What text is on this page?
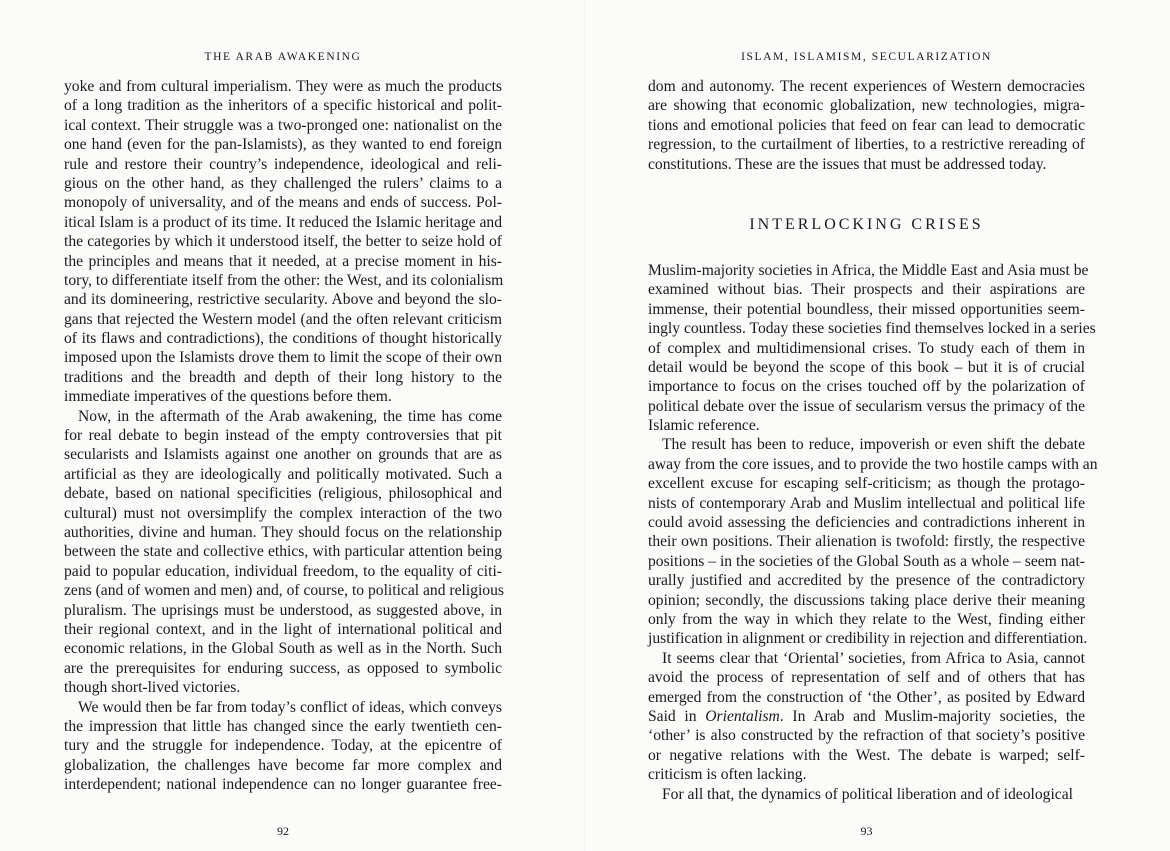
THE ARAB AWAKENING
yoke and from cultural imperialism. They were as much the products
of a long tradition as the inheritors of a specific historical and polit-
ical context. Their struggle was a two-pronged one: nationalist on the
one hand (even for the pan-Islamists), as they wanted to end foreign
rule and restore their country’s independence, ideological and reli-
gious on the other hand, as they challenged the rulers’ claims to a
monopoly of universality, and of the means and ends of success. Pol-
itical Islam is a product of its time. It reduced the Islamic heritage and
the categories by which it understood itself, the better to seize hold of
the principles and means that it needed, at a precise moment in his-
tory, to differentiate itself from the other: the West, and its colonialism
and its domineering, restrictive secularity. Above and beyond the slo-
gans that rejected the Western model (and the often relevant criticism
of its flaws and contradictions), the conditions of thought historically
imposed upon the Islamists drove them to limit the scope of their own
traditions and the breadth and depth of their long history to the
immediate imperatives of the questions before them.
Now, in the aftermath of the Arab awakening, the time has come
for real debate to begin instead of the empty controversies that pit
secularists and Islamists against one another on grounds that are as
artificial as they are ideologically and politically motivated. Such a
debate, based on national specificities (religious, philosophical and
cultural) must not oversimplify the complex interaction of the two
authorities, divine and human. They should focus on the relationship
between the state and collective ethics, with particular attention being
paid to popular education, individual freedom, to the equality of citi-
zens (and of women and men) and, of course, to political and religious
pluralism. The uprisings must be understood, as suggested above, in
their regional context, and in the light of international political and
economic relations, in the Global South as well as in the North. Such
are the prerequisites for enduring success, as opposed to symbolic
though short-lived victories.
We would then be far from today’s conflict of ideas, which conveys
the impression that little has changed since the early twentieth cen-
tury and the struggle for independence. Today, at the epicentre of
globalization, the challenges have become far more complex and
interdependent; national independence can no longer guarantee free-
92
ISLAM, ISLAMISM, SECULARIZATION
dom and autonomy. The recent experiences of Western democracies
are showing that economic globalization, new technologies, migra-
tions and emotional policies that feed on fear can lead to democratic
regression, to the curtailment of liberties, to a restrictive rereading of
constitutions. These are the issues that must be addressed today.
INTERLOCKING CRISES
Muslim-majority societies in Africa, the Middle East and Asia must be
examined without bias. Their prospects and their aspirations are
immense, their potential boundless, their missed opportunities seem-
ingly countless. Today these societies find themselves locked in a series
of complex and multidimensional crises. To study each of them in
detail would be beyond the scope of this book – but it is of crucial
importance to focus on the crises touched off by the polarization of
political debate over the issue of secularism versus the primacy of the
Islamic reference.
The result has been to reduce, impoverish or even shift the debate
away from the core issues, and to provide the two hostile camps with an
excellent excuse for escaping self-criticism; as though the protago-
nists of contemporary Arab and Muslim intellectual and political life
could avoid assessing the deficiencies and contradictions inherent in
their own positions. Their alienation is twofold: firstly, the respective
positions – in the societies of the Global South as a whole – seem nat-
urally justified and accredited by the presence of the contradictory
opinion; secondly, the discussions taking place derive their meaning
only from the way in which they relate to the West, finding either
justification in alignment or credibility in rejection and differentiation.
It seems clear that ‘Oriental’ societies, from Africa to Asia, cannot
avoid the process of representation of self and of others that has
emerged from the construction of ‘the Other’, as posited by Edward
Said in Orientalism. In Arab and Muslim-majority societies, the
‘other’ is also constructed by the refraction of that society’s positive
or negative relations with the West. The debate is warped; self-
criticism is often lacking.
For all that, the dynamics of political liberation and of ideological
93
